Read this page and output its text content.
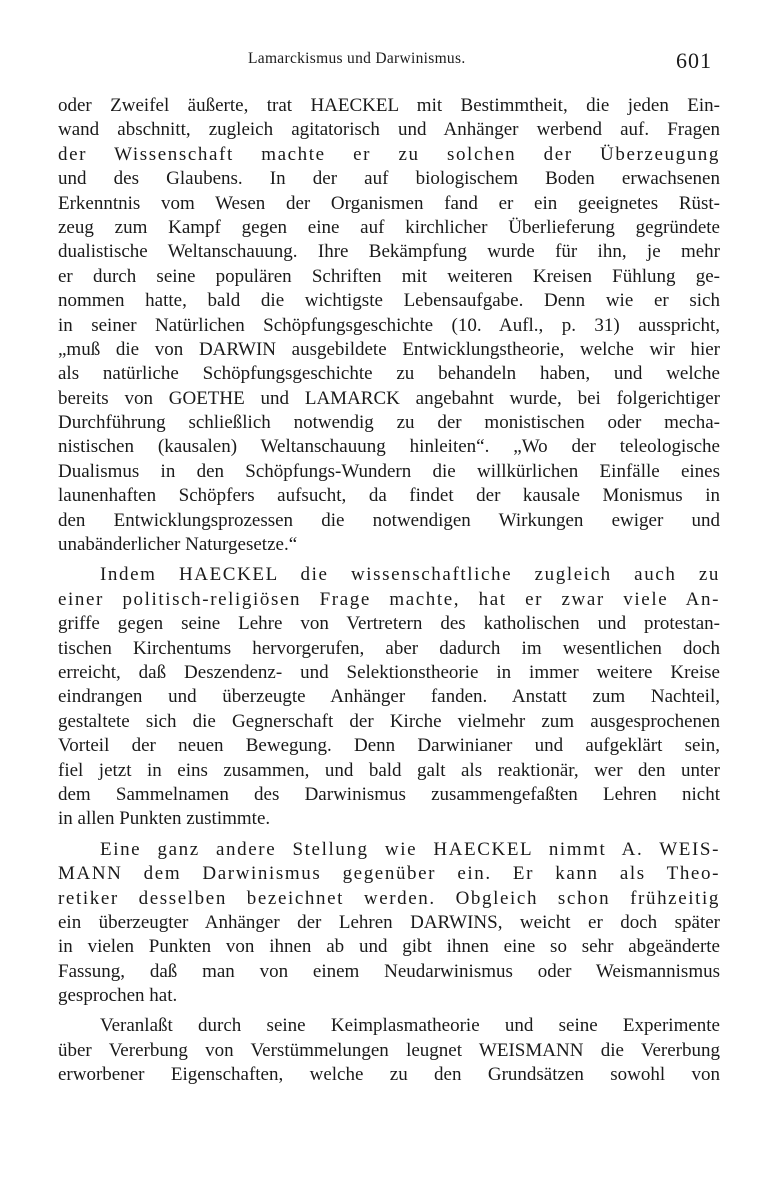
Lamarckismus und Darwinismus.	601
oder Zweifel äußerte, trat HAECKEL mit Bestimmtheit, die jeden Ein-
wand abschnitt, zugleich agitatorisch und Anhänger werbend auf. Fragen
der Wissenschaft machte er zu solchen der Überzeugung
und des Glaubens. In der auf biologischem Boden erwachsenen
Erkenntnis vom Wesen der Organismen fand er ein geeignetes Rüst-
zeug zum Kampf gegen eine auf kirchlicher Überlieferung gegründete
dualistische Weltanschauung. Ihre Bekämpfung wurde für ihn, je mehr
er durch seine populären Schriften mit weiteren Kreisen Fühlung ge-
nommen hatte, bald die wichtigste Lebensaufgabe. Denn wie er sich
in seiner Natürlichen Schöpfungsgeschichte (10. Aufl., p. 31) ausspricht,
„muß die von DARWIN ausgebildete Entwicklungstheorie, welche wir hier
als natürliche Schöpfungsgeschichte zu behandeln haben, und welche
bereits von GOETHE und LAMARCK angebahnt wurde, bei folgerichtiger
Durchführung schließlich notwendig zu der monistischen oder mecha-
nistischen (kausalen) Weltanschauung hinleiten“. „Wo der teleologische
Dualismus in den Schöpfungs-Wundern die willkürlichen Einfälle eines
launenhaften Schöpfers aufsucht, da findet der kausale Monismus in
den Entwicklungsprozessen die notwendigen Wirkungen ewiger und
unabänderlicher Naturgesetze.“
Indem HAECKEL die wissenschaftliche zugleich auch zu
einer politisch-religiösen Frage machte, hat er zwar viele An-
griffe gegen seine Lehre von Vertretern des katholischen und protestan-
tischen Kirchentums hervorgerufen, aber dadurch im wesentlichen doch
erreicht, daß Deszendenz- und Selektionstheorie in immer weitere Kreise
eindrangen und überzeugte Anhänger fanden. Anstatt zum Nachteil,
gestaltete sich die Gegnerschaft der Kirche vielmehr zum ausgesprochenen
Vorteil der neuen Bewegung. Denn Darwinianer und aufgeklärt sein,
fiel jetzt in eins zusammen, und bald galt als reaktionär, wer den unter
dem Sammelnamen des Darwinismus zusammengefaßten Lehren nicht
in allen Punkten zustimmte.
Eine ganz andere Stellung wie HAECKEL nimmt A. WEIS-
MANN dem Darwinismus gegenüber ein. Er kann als Theo-
retiker desselben bezeichnet werden. Obgleich schon frühzeitig
ein überzeugter Anhänger der Lehren DARWINS, weicht er doch später
in vielen Punkten von ihnen ab und gibt ihnen eine so sehr abgeänderte
Fassung, daß man von einem Neudarwinismus oder Weismannismus
gesprochen hat.
Veranlaßt durch seine Keimplasmatheorie und seine Experimente
über Vererbung von Verstümmelungen leugnet WEISMANN die Vererbung
erworbener Eigenschaften, welche zu den Grundsätzen sowohl von
